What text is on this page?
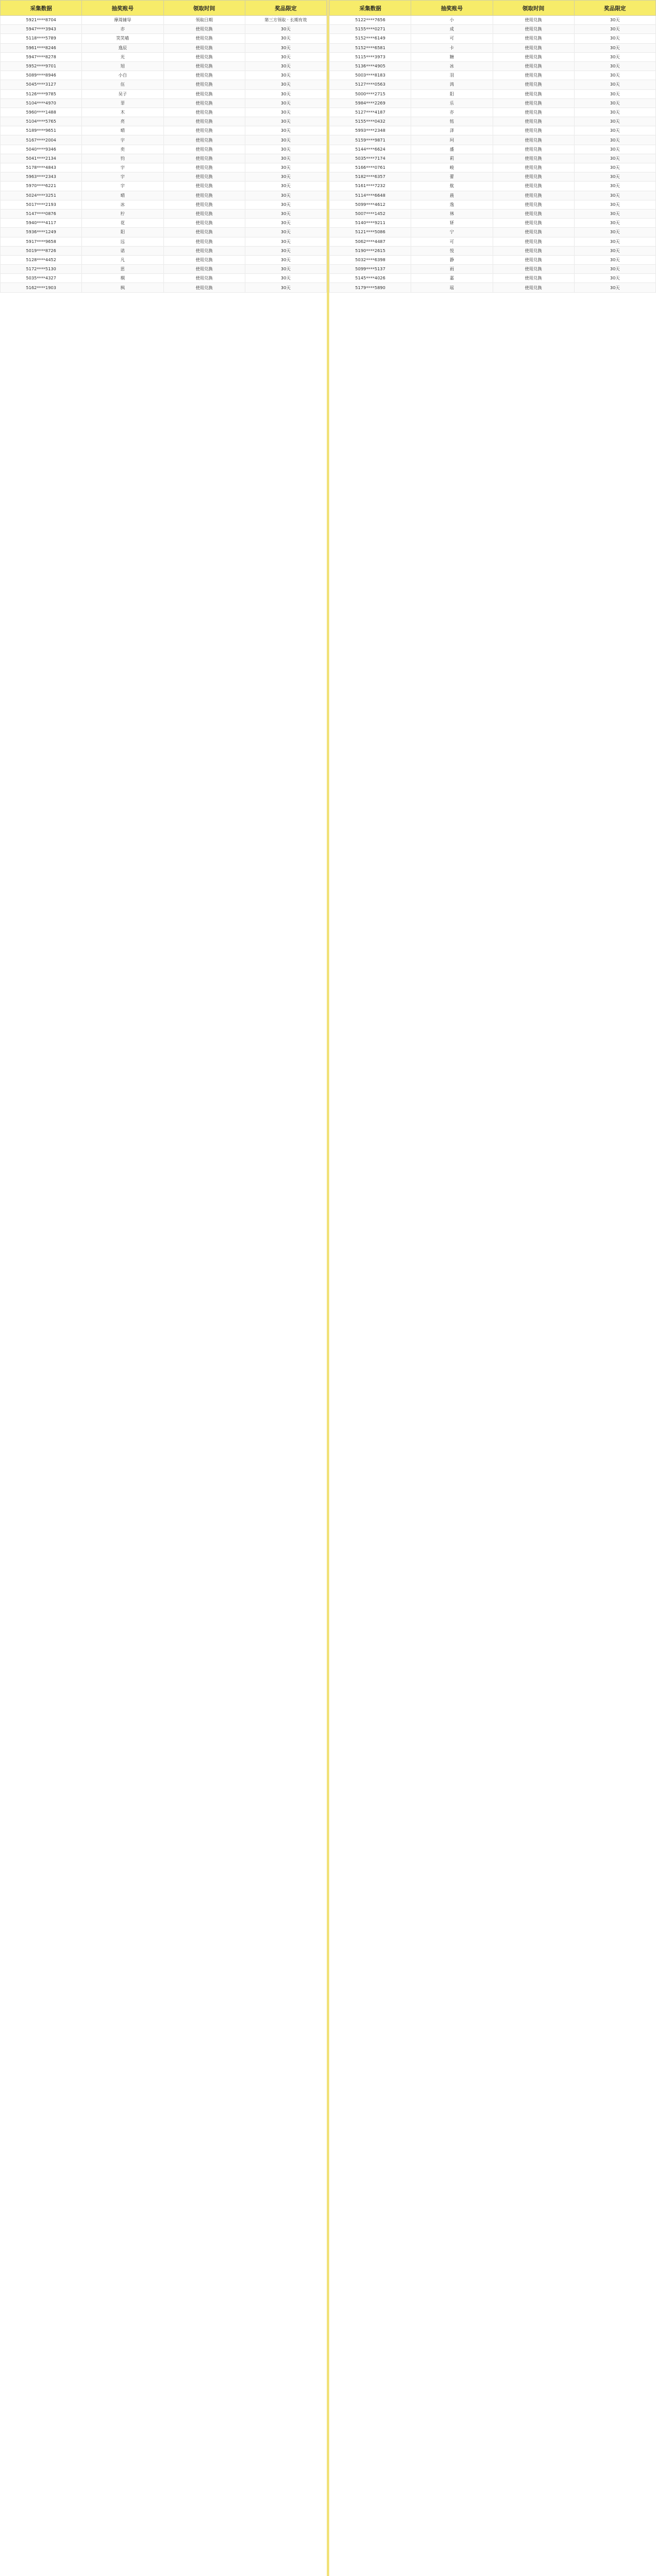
采集数据	抽奖账号	领取时间	奖品限定
5921****8704	摩周辅导	领取日期	第三方领取 · 长期有效
5947****3943	亦	使用兑换	30天
5118****5789	笑笑喵	使用兑换	30天
5961****8246	逸辰	使用兑换	30天
5947****8278	光	使用兑换	30天
5952****9701	旭	使用兑换	30天
5089****8946	小白	使用兑换	30天
5045****3127	伍	使用兑换	30天
5126****9785	吴子	使用兑换	30天
5104****4970	菲	使用兑换	30天
5960****1488	木	使用兑换	30天
5104****5765	亮	使用兑换	30天
5189****9651	晴	使用兑换	30天
5167****2004	宇	使用兑换	30天
5040****9346	奕	使用兑换	30天
5041****2134	钧	使用兑换	30天
5178****4843	宇	使用兑换	30天
5963****2343	宇	使用兑换	30天
5970****6221	宇	使用兑换	30天
5024****3251	晴	使用兑换	30天
5017****2193	冰	使用兑换	30天
5147****0876	柠	使用兑换	30天
5940****4117	花	使用兑换	30天
5936****1249	阳	使用兑换	30天
5917****9658	远	使用兑换	30天
5019****8726	诺	使用兑换	30天
5128****4452	凡	使用兑换	30天
5172****5130	思	使用兑换	30天
5035****4327	桐	使用兑换	30天
5162****1903	枫	使用兑换	30天
采集数据	抽奖账号	领取时间	奖品限定
5122****7656	小	使用兑换	30天
5155****0271	成	使用兑换	30天
5152****6149	可	使用兑换	30天
5152****6581	卡	使用兑换	30天
5115****3973	糖	使用兑换	30天
5136****4905	冰	使用兑换	30天
5003****8183	羽	使用兑换	30天
5127****0563	鸿	使用兑换	30天
5000****2715	阳	使用兑换	30天
5984****2269	乐	使用兑换	30天
5127****4187	亦	使用兑换	30天
5155****0432	铭	使用兑换	30天
5993****2348	泽	使用兑换	30天
5159****9871	珂	使用兑换	30天
5144****6624	盛	使用兑换	30天
5035****7174	莉	使用兑换	30天
5166****0761	峻	使用兑换	30天
5182****6357	蕾	使用兑换	30天
5161****7232	航	使用兑换	30天
5114****6648	晨	使用兑换	30天
5099****4612	逸	使用兑换	30天
5007****1452	林	使用兑换	30天
5140****9211	妍	使用兑换	30天
5121****5086	宁	使用兑换	30天
5062****4487	可	使用兑换	30天
5190****2615	悦	使用兑换	30天
5032****6398	静	使用兑换	30天
5099****5137	雨	使用兑换	30天
5145****4026	嘉	使用兑换	30天
5179****5890	瑶	使用兑换	30天
